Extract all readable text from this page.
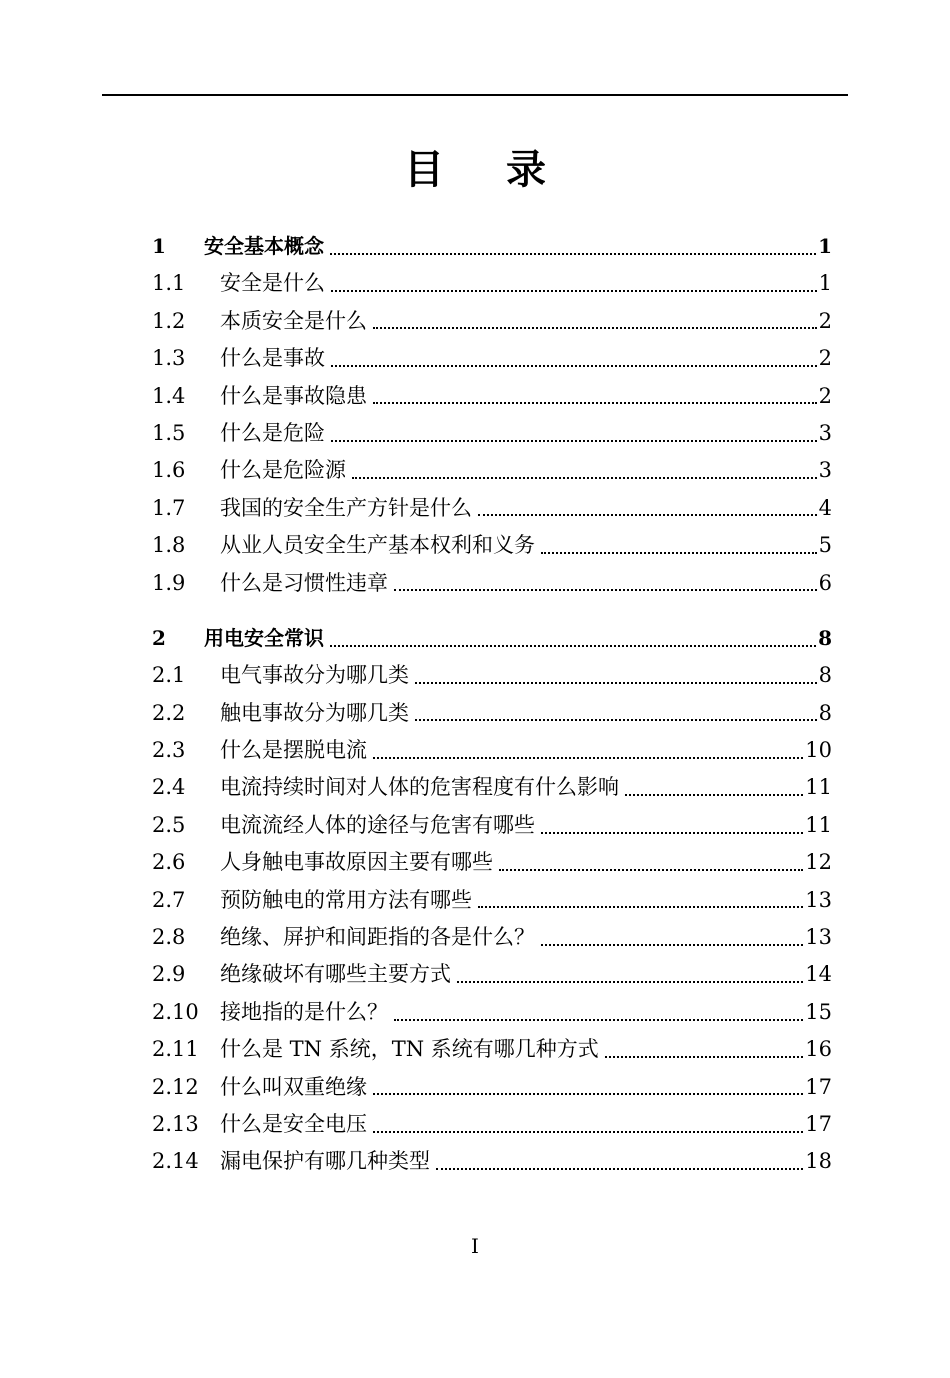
目 录
1	安全基本概念	1
1.1	安全是什么	1
1.2	本质安全是什么	2
1.3	什么是事故	2
1.4	什么是事故隐患	2
1.5	什么是危险	3
1.6	什么是危险源	3
1.7	我国的安全生产方针是什么	4
1.8	从业人员安全生产基本权利和义务	5
1.9	什么是习惯性违章	6
2	用电安全常识	8
2.1	电气事故分为哪几类	8
2.2	触电事故分为哪几类	8
2.3	什么是摆脱电流	10
2.4	电流持续时间对人体的危害程度有什么影响	11
2.5	电流流经人体的途径与危害有哪些	11
2.6	人身触电事故原因主要有哪些	12
2.7	预防触电的常用方法有哪些	13
2.8	绝缘、屏护和间距指的各是什么？	13
2.9	绝缘破坏有哪些主要方式	14
2.10	接地指的是什么？	15
2.11	什么是 TN 系统，TN 系统有哪几种方式	16
2.12	什么叫双重绝缘	17
2.13	什么是安全电压	17
2.14	漏电保护有哪几种类型	18
I
